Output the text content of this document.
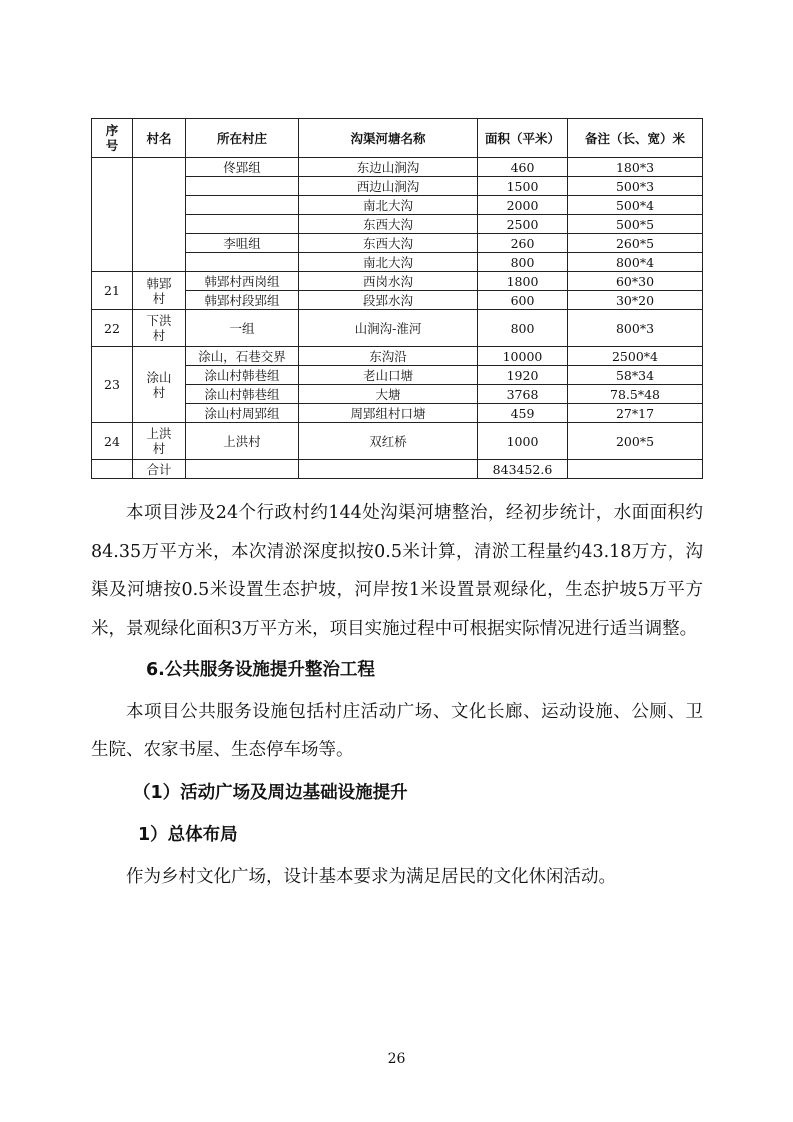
序号	村名	所在村庄	沟渠河塘名称	面积（平米）	备注（长、宽）米
		佟郢组	东边山涧沟	460	180*3
			西边山涧沟	1500	500*3
			南北大沟	2000	500*4
			东西大沟	2500	500*5
		李咀组	东西大沟	260	260*5
			南北大沟	800	800*4
21	韩郢村	韩郢村西岗组	西岗水沟	1800	60*30
		韩郢村段郢组	段郢水沟	600	30*20
22	下洪村	一组	山涧沟-淮河	800	800*3
23	涂山村	涂山，石巷交界	东沟沿	10000	2500*4
		涂山村韩巷组	老山口塘	1920	58*34
		涂山村韩巷组	大塘	3768	78.5*48
		涂山村周郢组	周郢组村口塘	459	27*17
24	上洪村	上洪村	双红桥	1000	200*5
	合计			843452.6	

本项目涉及24个行政村约144处沟渠河塘整治，经初步统计，水面面积约84.35万平方米，本次清淤深度拟按0.5米计算，清淤工程量约43.18万方，沟渠及河塘按0.5米设置生态护坡，河岸按1米设置景观绿化，生态护坡5万平方米，景观绿化面积3万平方米，项目实施过程中可根据实际情况进行适当调整。

6.公共服务设施提升整治工程

本项目公共服务设施包括村庄活动广场、文化长廊、运动设施、公厕、卫生院、农家书屋、生态停车场等。

（1）活动广场及周边基础设施提升

1）总体布局

作为乡村文化广场，设计基本要求为满足居民的文化休闲活动。

26
